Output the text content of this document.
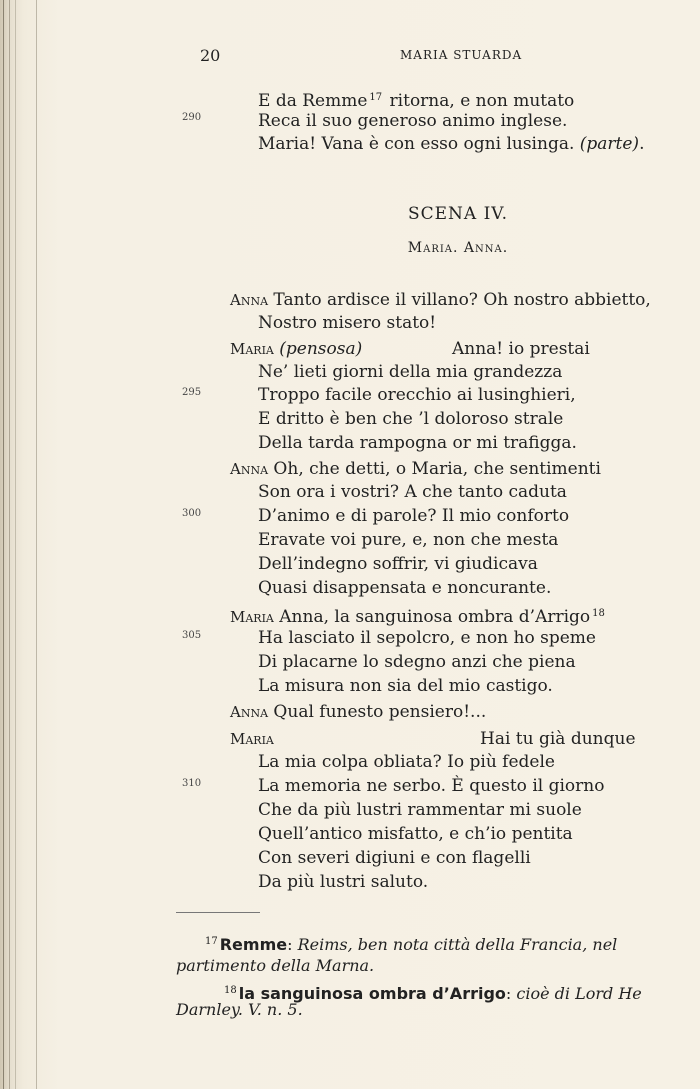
20	MARIA STUARDA
E da Remme $^{17}$ ritorna, e non mutato
Reca il suo generoso animo inglese.
Maria! Vana è con esso ogni lusinga. (parte).
290
295
300
305
310
SCENA IV.
Maria. Anna.
Anna Tanto ardisce il villano? Oh nostro abbietto,
Nostro misero stato!
Maria (pensosa)	Anna! io prestai
Ne’ lieti giorni della mia grandezza
Troppo facile orecchio ai lusinghieri,
E dritto è ben che ’l doloroso strale
Della tarda rampogna or mi trafigga.
Anna Oh, che detti, o Maria, che sentimenti
Son ora i vostri? A che tanto caduta
D’animo e di parole? Il mio conforto
Eravate voi pure, e, non che mesta
Dell’indegno soffrir, vi giudicava
Quasi disappensata e noncurante.
Maria Anna, la sanguinosa ombra d’Arrigo $^{18}$
Ha lasciato il sepolcro, e non ho speme
Di placarne lo sdegno anzi che piena
La misura non sia del mio castigo.
Anna Qual funesto pensiero!...
Maria	Hai tu già dunque
La mia colpa obliata? Io più fedele
La memoria ne serbo. È questo il giorno
Che da più lustri rammentar mi suole
Quell’antico misfatto, e ch’io pentita
Con severi digiuni e con flagelli
Da più lustri saluto.
$^{17}$ Remme: Reims, ben nota città della Francia, nel
partimento della Marna.
$^{18}$ la sanguinosa ombra d’Arrigo: cioè di Lord He
Darnley. V. n. 5.
